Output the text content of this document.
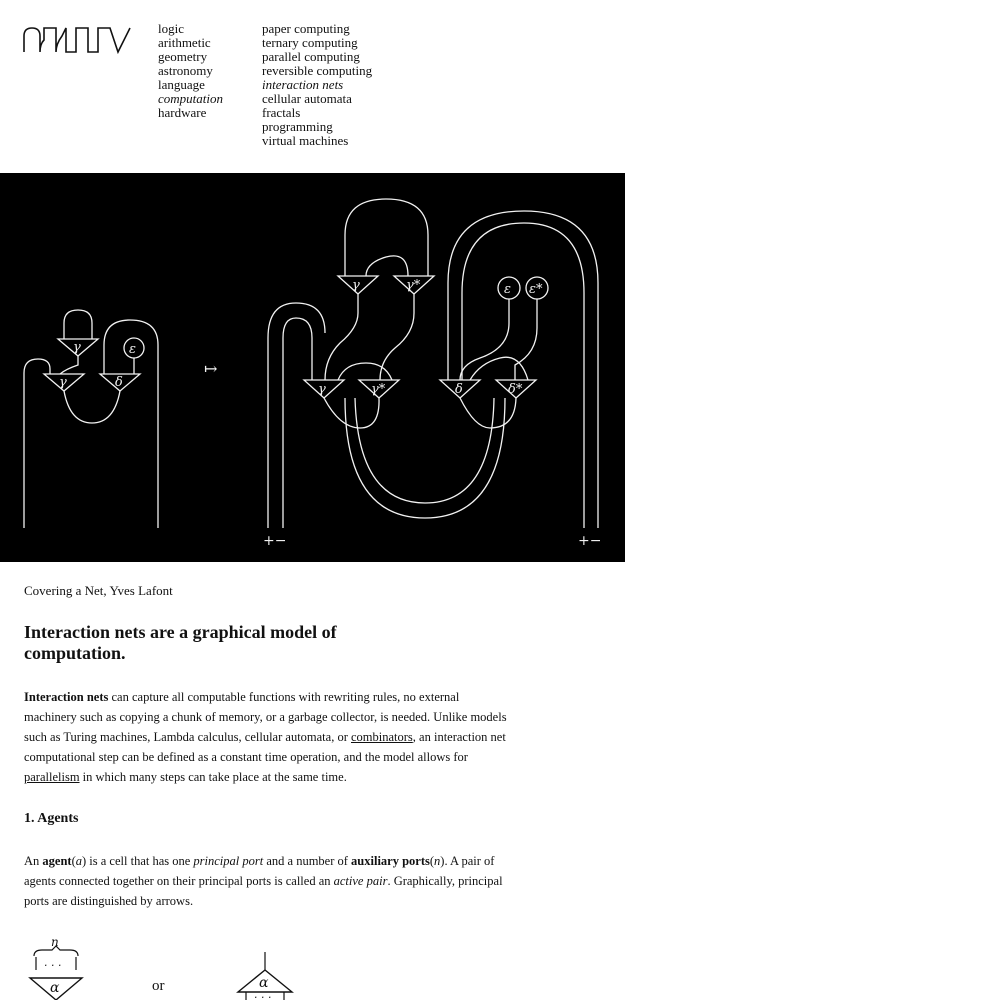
logic
arithmetic
geometry
astronomy
language
computation
hardware
paper computing
ternary computing
parallel computing
reversible computing
interaction nets
cellular automata
fractals
programming
virtual machines
γ
γ	δ
ε
↦
γ	γ*
γ	γ*	δ	δ*
ε ε*
+−	+−
Covering a Net, Yves Lafont
Interaction nets are a graphical model of computation.

Interaction nets can capture all computable functions with rewriting rules, no external machinery such as copying a chunk of memory, or a garbage collector, is needed. Unlike models such as Turing machines, Lambda calculus, cellular automata, or combinators, an interaction net computational step can be defined as a constant time operation, and the model allows for parallelism in which many steps can take place at the same time.

1. Agents

An agent(a) is a cell that has one principal port and a number of auxiliary ports(n). A pair of agents connected together on their principal ports is called an active pair. Graphically, principal ports are distinguished by arrows.

n
· · ·
α	or	α
· · ·
